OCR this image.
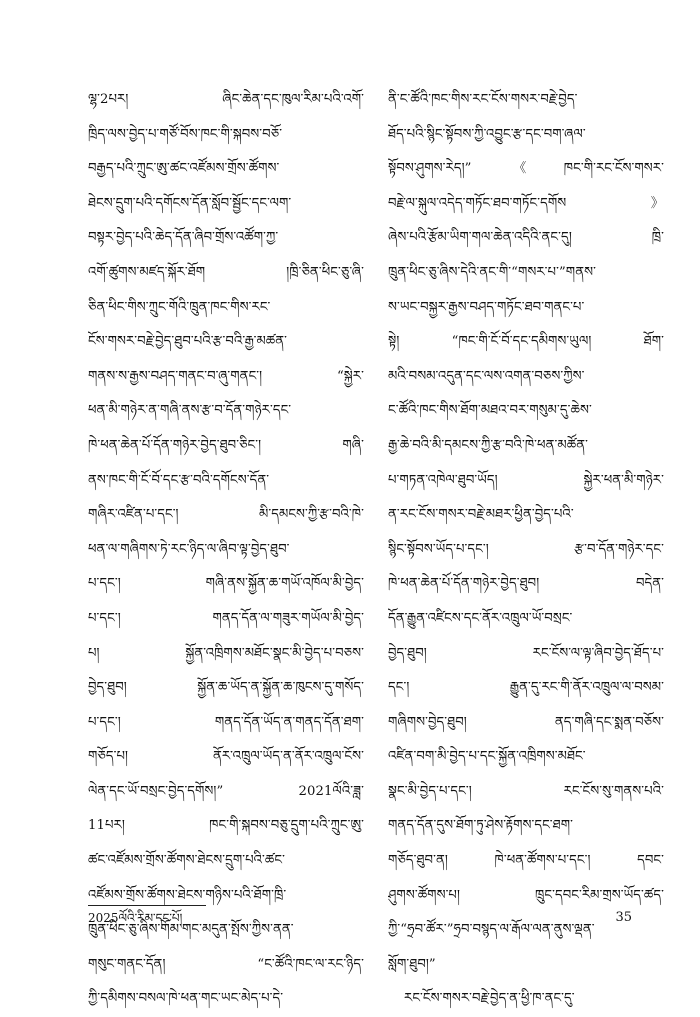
ལྷ་2པར། ཞིང་ཆེན་དང་ཁུལ་རིམ་པའི་འགོ་
ཁྲིད་ལས་བྱེད་པ་གཙོ་བོས་ཁང་གི་སྐབས་བཅོ་
བརྒྱད་པའི་ཀྲུང་ཨུ་ཚང་འཛོམས་གྲོས་ཚོགས་
ཐེངས་དྲུག་པའི་དགོངས་དོན་སློབ་སྦྱོང་དང་ལག་
བསྟར་བྱེད་པའི་ཆེད་དོན་ཞིབ་གྲོས་འཚོག་ཀྱ་
འགོ་ཚུགས་མཛད་སྐོར་ཐོག །ཁྲི་ཅིན་ཕིང་ཅུ་ཞི་
ཅིན་ཕིང་གིས་ཀྲུང་གོའི་ཁྲུན་ཁང་གིས་རང་
ངོས་གསར་བརྗེ་བྱེད་ཐུབ་པའི་རྩ་བའི་རྒྱ་མཚན་
གནས་ས་རྒྱས་བཤད་གནང་བ་ཞུ་གནང་། “སྐྱེར་
ཕན་མི་གཉེར་ན་གཞི་ནས་རྩ་བ་དོན་གཉེར་དང་
ཁེ་ཕན་ཆེན་པོ་དོན་གཉེར་བྱེད་ཐུབ་ཅིང་། གཞི་
ནས་ཁང་གི་ངོ་བོ་དང་རྩ་བའི་དགོངས་དོན་
གཞིར་འཛིན་པ་དང་། མི་དམངས་ཀྱི་རྩ་བའི་ཁེ་
ཕན་ལ་གཞིགས་ཏེ་རང་ཉིད་ལ་ཞིབ་ལྟ་བྱེད་ཐུབ་
པ་དང་། གཞི་ནས་སྐྱོན་ཆ་གཡོ་འཁོལ་མི་བྱེད་
པ་དང་། གནད་དོན་ལ་གཟུར་གཡོལ་མི་བྱེད་
པ། སྐྱོན་འཁྲིགས་མཐོང་སྣང་མི་བྱེད་པ་བཅས་
བྱེད་ཐུབ། སྐྱོན་ཆ་ཡོད་ན་སྐྱོན་ཆ་ཁུངས་དུ་གསོད་
པ་དང་། གནད་དོན་ཡོད་ན་གནད་དོན་ཐག་
གཅོད་པ། ནོར་འཁྲུལ་ཡོད་ན་ནོར་འཁྲུལ་ངོས་
ལེན་དང་ཡོ་བསྲང་བྱེད་དགོས།” 2021ལོའི་ཟླ་
11པར། ཁང་གི་སྐབས་བཅུ་དྲུག་པའི་ཀྲུང་ཨུ་
ཚང་འཛོམས་གྲོས་ཚོགས་ཐེངས་དྲུག་པའི་ཚང་
འཛོམས་གྲོས་ཚོགས་ཐེངས་གཉིས་པའི་ཐོག་ཁྲི་
ཁྲུན་ཕིང་ཅུ་ཞིས་གོམ་གང་མདུན་སྤོས་ཀྱིས་ནན་
གསུང་གནང་དོན། “ང་ཚོའི་ཁང་ལ་རང་ཉིད་
ཀྱི་དམིགས་བསལ་ཁེ་ཕན་གང་ཡང་མེད་པ་དེ་
ནི་ང་ཚོའི་ཁང་གིས་རང་ངོས་གསར་བརྗེ་བྱེད་
ཐོད་པའི་སྙིང་སྟོབས་ཀྱི་འབྱུང་རྩ་དང་བག་ཞལ་
སྟོབས་ཤུགས་རེད།” 《ཁང་གི་རང་ངོས་གསར་
བརྗེ་ལ་སྐུལ་འདེད་གཏོང་ཐབ་གཏོང་དགོས》
ཞེས་པའི་རྩོམ་ཡིག་གལ་ཆེན་འདིའི་ནང་དུ། ཁྲི་
ཁྲུན་ཕིང་ཅུ་ཞིས་དེའི་ནང་གི་“གསར་པ་”གནས་
ས་ཡང་བསྐྱར་རྒྱས་བཤད་གཏོང་ཐབ་གནང་པ་
སྟེ། “ཁང་གི་ངོ་བོ་དང་དམིགས་ཡུལ། ཐོག་
མའི་བསམ་འདུན་དང་ལས་འགན་བཅས་ཀྱིས་
ང་ཚོའི་ཁང་གིས་ཐོག་མཐའ་བར་གསུམ་དུ་ཆེས་
རྒྱ་ཆེ་བའི་མི་དམངས་ཀྱི་རྩ་བའི་ཁེ་ཕན་མཚོན་
པ་གཏན་འཁེལ་ཐུབ་ཡོད། སྐྱེར་ཕན་མི་གཉེར་
ན་རང་ངོས་གསར་བརྗེ་མཐར་ཕྱིན་བྱེད་པའི་
སྙིང་སྟོབས་ཡོད་པ་དང་། རྩ་བ་དོན་གཉེར་དང་
ཁེ་ཕན་ཆེན་པོ་དོན་གཉེར་བྱེད་ཐུབ། བདེན་
དོན་རྒྱུན་འཛིངས་དང་ནོར་འཁྲུལ་ཡོ་བསྲང་
བྱེད་ཐུབ། རང་ངོས་ལ་ལྟ་ཞིབ་བྱེད་ཐོད་པ་
དང་། རྒྱུན་དུ་རང་གི་ནོར་འཁྲུལ་ལ་བསམ་
གཞིགས་བྱེད་ཐུབ། ནད་གཞི་དང་སྨན་བཅོས་
འཛིན་བག་མི་བྱེད་པ་དང་སྐྱོན་འཁྲིགས་མཐོང་
སྣང་མི་བྱེད་པ་དང་། རང་ངོས་སུ་གནས་པའི་
གནད་དོན་དུས་ཐོག་ཏུ་ཤེས་རྟོགས་དང་ཐག་
གཅོད་ཐུབ་ན། ཁེ་ཕན་ཚོགས་པ་དང་། དབང་
ཤུགས་ཚོགས་པ། ཁྲུང་དབང་རིམ་གྲས་ཡོད་ཚད་
ཀྱི་“ཧྲབ་ཚོར་”ཧྲབ་བསྙད་ལ་རྒོལ་ལན་ནུས་ལྡན་
སློག་ཐུབ།”
རང་ངོས་གསར་བརྗེ་བྱེད་ན་ཕྱི་ཁ་ནང་དུ་
2025ལོའི་རིམ་དང་པོ།	35
